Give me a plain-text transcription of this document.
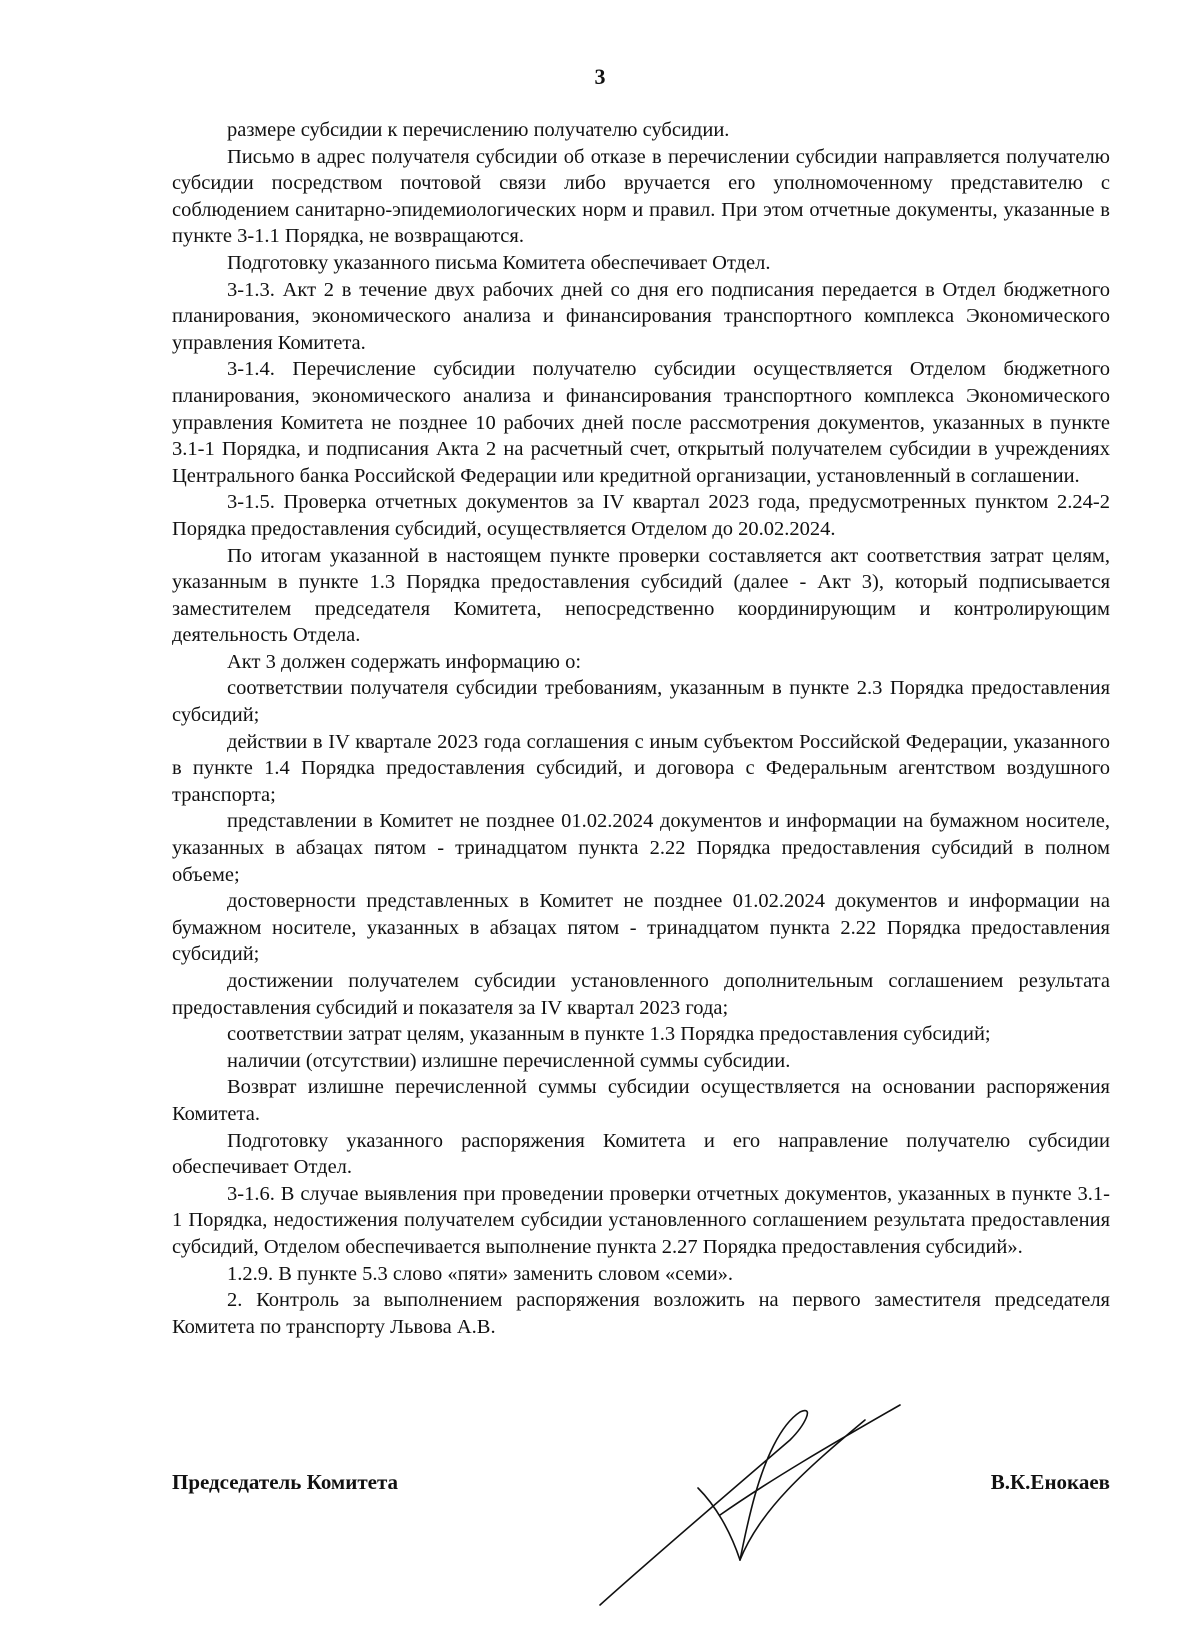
3

размере субсидии к перечислению получателю субсидии.

Письмо в адрес получателя субсидии об отказе в перечислении субсидии направляется получателю субсидии посредством почтовой связи либо вручается его уполномоченному представителю с соблюдением санитарно-эпидемиологических норм и правил. При этом отчетные документы, указанные в пункте 3-1.1 Порядка, не возвращаются.

Подготовку указанного письма Комитета обеспечивает Отдел.

3-1.3. Акт 2 в течение двух рабочих дней со дня его подписания передается в Отдел бюджетного планирования, экономического анализа и финансирования транспортного комплекса Экономического управления Комитета.

3-1.4. Перечисление субсидии получателю субсидии осуществляется Отделом бюджетного планирования, экономического анализа и финансирования транспортного комплекса Экономического управления Комитета не позднее 10 рабочих дней после рассмотрения документов, указанных в пункте 3.1-1 Порядка, и подписания Акта 2 на расчетный счет, открытый получателем субсидии в учреждениях Центрального банка Российской Федерации или кредитной организации, установленный в соглашении.

3-1.5. Проверка отчетных документов за IV квартал 2023 года, предусмотренных пунктом 2.24-2 Порядка предоставления субсидий, осуществляется Отделом до 20.02.2024.

По итогам указанной в настоящем пункте проверки составляется акт соответствия затрат целям, указанным в пункте 1.3 Порядка предоставления субсидий (далее - Акт 3), который подписывается заместителем председателя Комитета, непосредственно координирующим и контролирующим деятельность Отдела.

Акт 3 должен содержать информацию о:

соответствии получателя субсидии требованиям, указанным в пункте 2.3 Порядка предоставления субсидий;

действии в IV квартале 2023 года соглашения с иным субъектом Российской Федерации, указанного в пункте 1.4 Порядка предоставления субсидий, и договора с Федеральным агентством воздушного транспорта;

представлении в Комитет не позднее 01.02.2024 документов и информации на бумажном носителе, указанных в абзацах пятом - тринадцатом пункта 2.22 Порядка предоставления субсидий в полном объеме;

достоверности представленных в Комитет не позднее 01.02.2024 документов и информации на бумажном носителе, указанных в абзацах пятом - тринадцатом пункта 2.22 Порядка предоставления субсидий;

достижении получателем субсидии установленного дополнительным соглашением результата предоставления субсидий и показателя за IV квартал 2023 года;

соответствии затрат целям, указанным в пункте 1.3 Порядка предоставления субсидий;

наличии (отсутствии) излишне перечисленной суммы субсидии.

Возврат излишне перечисленной суммы субсидии осуществляется на основании распоряжения Комитета.

Подготовку указанного распоряжения Комитета и его направление получателю субсидии обеспечивает Отдел.

3-1.6. В случае выявления при проведении проверки отчетных документов, указанных в пункте 3.1-1 Порядка, недостижения получателем субсидии установленного соглашением результата предоставления субсидий, Отделом обеспечивается выполнение пункта 2.27 Порядка предоставления субсидий».

1.2.9. В пункте 5.3 слово «пяти» заменить словом «семи».

2. Контроль за выполнением распоряжения возложить на первого заместителя председателя Комитета по транспорту Львова А.В.

Председатель Комитета	В.К.Енокаев
